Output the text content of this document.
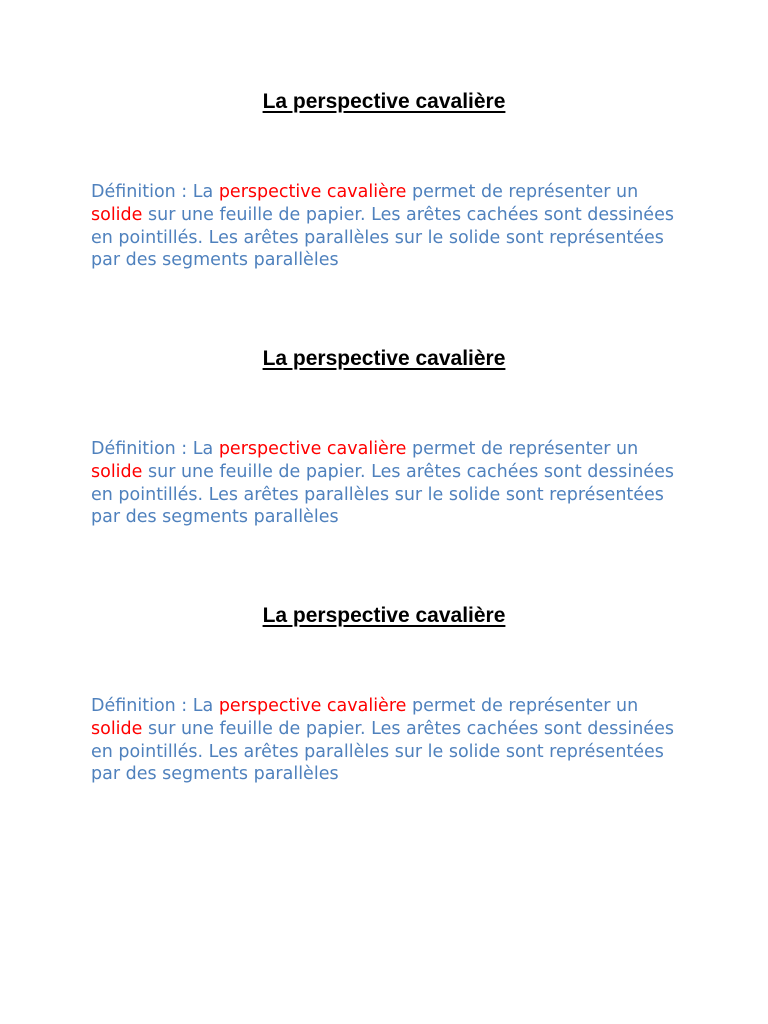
La perspective cavalière

Définition : La perspective cavalière permet de représenter un solide sur une feuille de papier. Les arêtes cachées sont dessinées en pointillés. Les arêtes parallèles sur le solide sont représentées par des segments parallèles

La perspective cavalière

Définition : La perspective cavalière permet de représenter un solide sur une feuille de papier. Les arêtes cachées sont dessinées en pointillés. Les arêtes parallèles sur le solide sont représentées par des segments parallèles

La perspective cavalière

Définition : La perspective cavalière permet de représenter un solide sur une feuille de papier. Les arêtes cachées sont dessinées en pointillés. Les arêtes parallèles sur le solide sont représentées par des segments parallèles
